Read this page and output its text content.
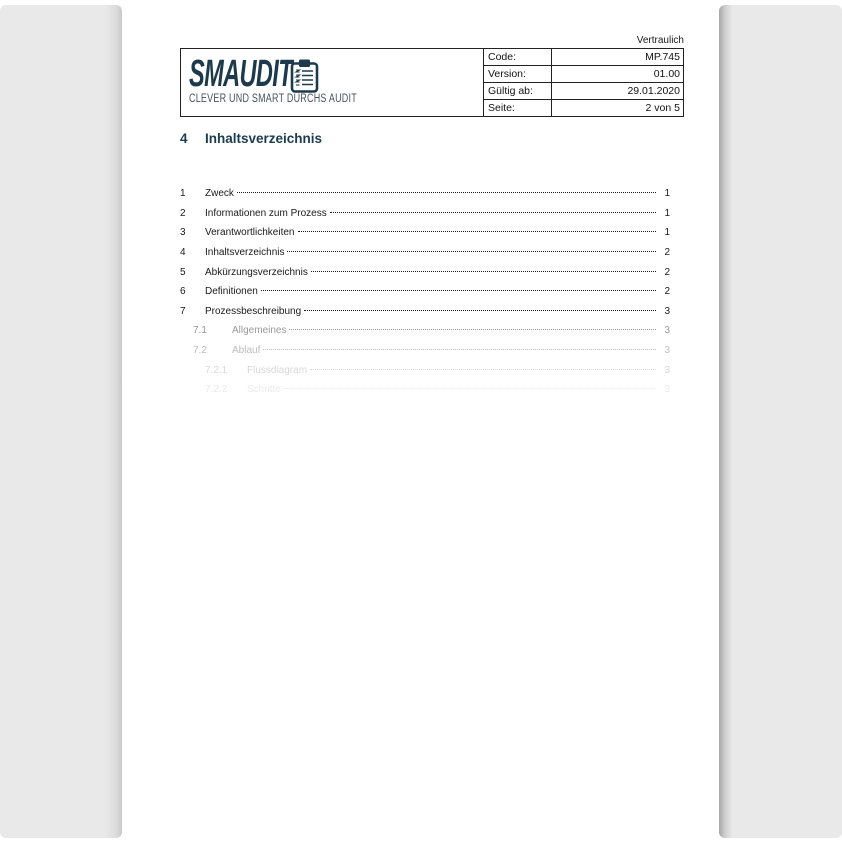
Vertraulich
SMAUDIT
CLEVER UND SMART DURCHS AUDIT
Code:	MP.745
Version:	01.00
Gültig ab:	29.01.2020
Seite:	2 von 5
4	Inhaltsverzeichnis
1	Zweck	1
2	Informationen zum Prozess	1
3	Verantwortlichkeiten	1
4	Inhaltsverzeichnis	2
5	Abkürzungsverzeichnis	2
6	Definitionen	2
7	Prozessbeschreibung	3
7.1	Allgemeines	3
7.2	Ablauf	3
7.2.1	Flussdiagram	3
7.2.2	Schritte	3
